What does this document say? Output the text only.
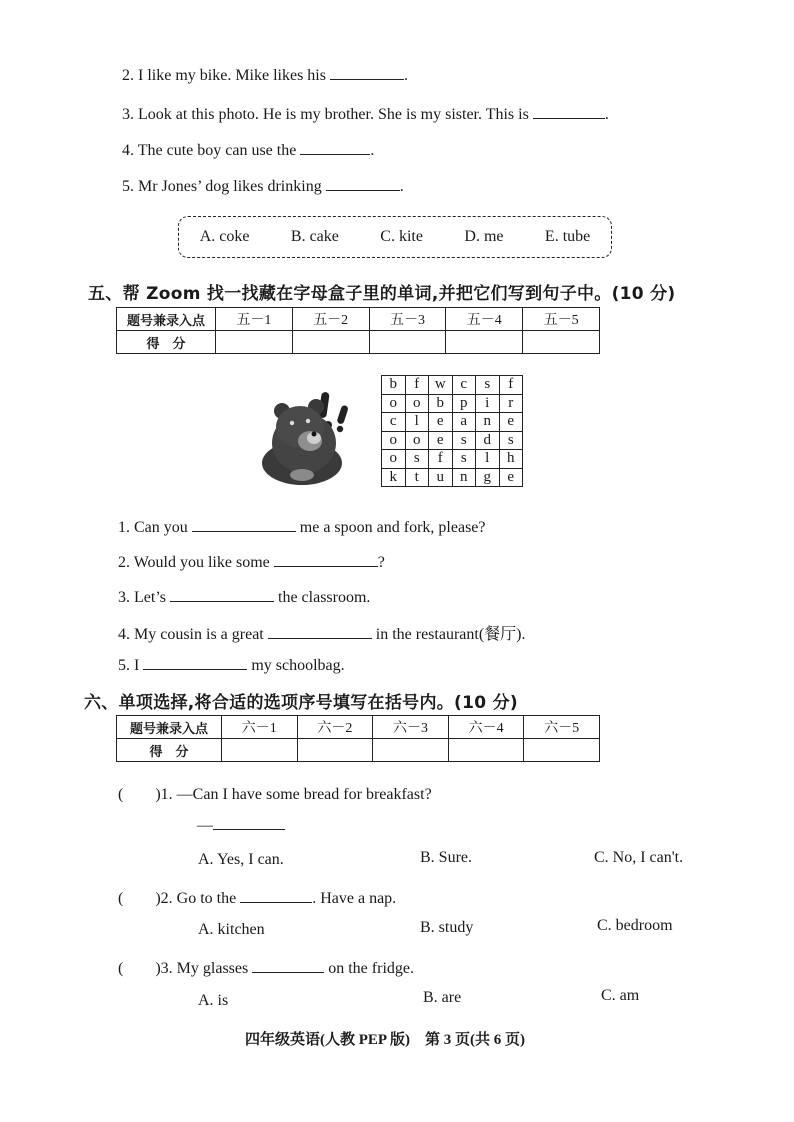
2. I like my bike. Mike likes his	.
3. Look at this photo. He is my brother. She is my sister. This is	.
4. The cute boy can use the	.
5. Mr Jones’ dog likes drinking	.
A. coke	B. cake	C. kite	D. me	E. tube
五、帮 Zoom 找一找藏在字母盒子里的单词,并把它们写到句子中。(10 分)
题号兼录入点	五－1	五－2	五－3	五－4	五－5
得　分					
b	f	w	c	s	f
o	o	b	p	i	r
c	l	e	a	n	e
o	o	e	s	d	s
o	s	f	s	l	h
k	t	u	n	g	e
1. Can you	me a spoon and fork, please?
2. Would you like some	?
3. Let’s	the classroom.
4. My cousin is a great	in the restaurant(餐厅).
5. I	my schoolbag.
六、单项选择,将合适的选项序号填写在括号内。(10 分)
题号兼录入点	六－1	六－2	六－3	六－4	六－5
得　分					
(　　)1. —Can I have some bread for breakfast?
—
A. Yes, I can.	B. Sure.	C. No, I can't.
(　　)2. Go to the	. Have a nap.
A. kitchen	B. study	C. bedroom
(　　)3. My glasses	on the fridge.
A. is	B. are	C. am
四年级英语(人教 PEP 版)　第 3 页(共 6 页)
